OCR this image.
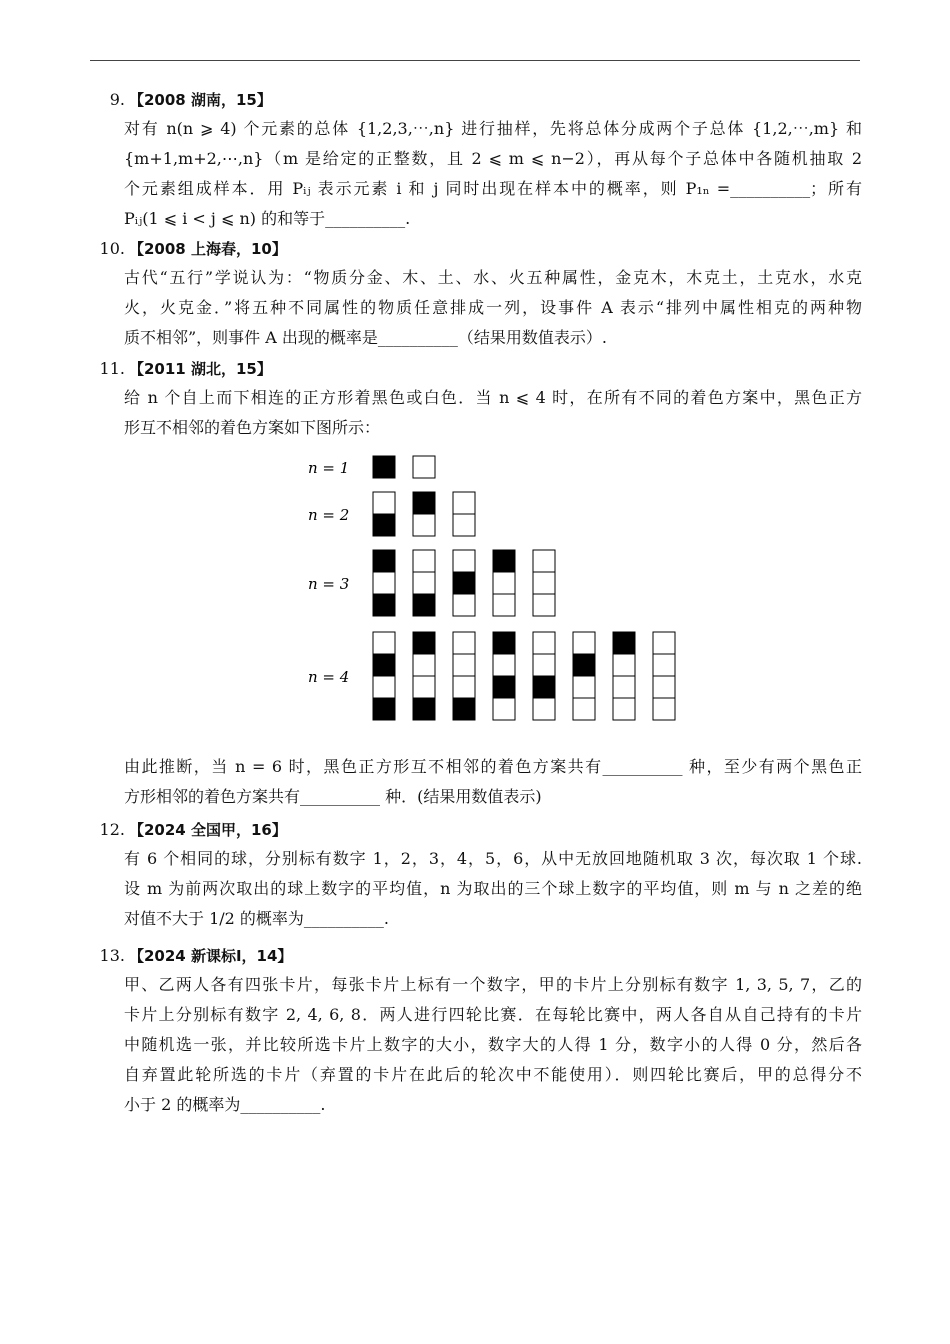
9. 【2008 湖南，15】
对有 n(n ⩾ 4) 个元素的总体 {1,2,3,⋯,n} 进行抽样，先将总体分成两个子总体 {1,2,⋯,m} 和
{m+1,m+2,⋯,n}（m 是给定的正整数，且 2 ⩽ m ⩽ n−2），再从每个子总体中各随机抽取 2
个元素组成样本．用 Pᵢⱼ 表示元素 i 和 j 同时出现在样本中的概率，则 P₁ₙ =__________；所有
Pᵢⱼ(1 ⩽ i < j ⩽ n) 的和等于__________.
10. 【2008 上海春，10】
古代“五行”学说认为：“物质分金、木、土、水、火五种属性，金克木，木克土，土克水，水克
火，火克金．”将五种不同属性的物质任意排成一列，设事件 A 表示“排列中属性相克的两种物
质不相邻”，则事件 A 出现的概率是__________（结果用数值表示）.
11. 【2011 湖北，15】
给 n 个自上而下相连的正方形着黑色或白色．当 n ⩽ 4 时，在所有不同的着色方案中，黑色正方
形互不相邻的着色方案如下图所示：
n = 1
n = 2
n = 3
n = 4
由此推断，当 n = 6 时，黑色正方形互不相邻的着色方案共有__________ 种，至少有两个黑色正
方形相邻的着色方案共有__________ 种．(结果用数值表示)
12. 【2024 全国甲，16】
有 6 个相同的球，分别标有数字 1，2，3，4，5，6，从中无放回地随机取 3 次，每次取 1 个球.
设 m 为前两次取出的球上数字的平均值，n 为取出的三个球上数字的平均值，则 m 与 n 之差的绝
对值不大于 1/2 的概率为__________.
13. 【2024 新课标Ⅰ，14】
甲、乙两人各有四张卡片，每张卡片上标有一个数字，甲的卡片上分别标有数字 1, 3, 5, 7，乙的
卡片上分别标有数字 2, 4, 6, 8．两人进行四轮比赛．在每轮比赛中，两人各自从自己持有的卡片
中随机选一张，并比较所选卡片上数字的大小，数字大的人得 1 分，数字小的人得 0 分，然后各
自弃置此轮所选的卡片（弃置的卡片在此后的轮次中不能使用）．则四轮比赛后，甲的总得分不
小于 2 的概率为__________.
